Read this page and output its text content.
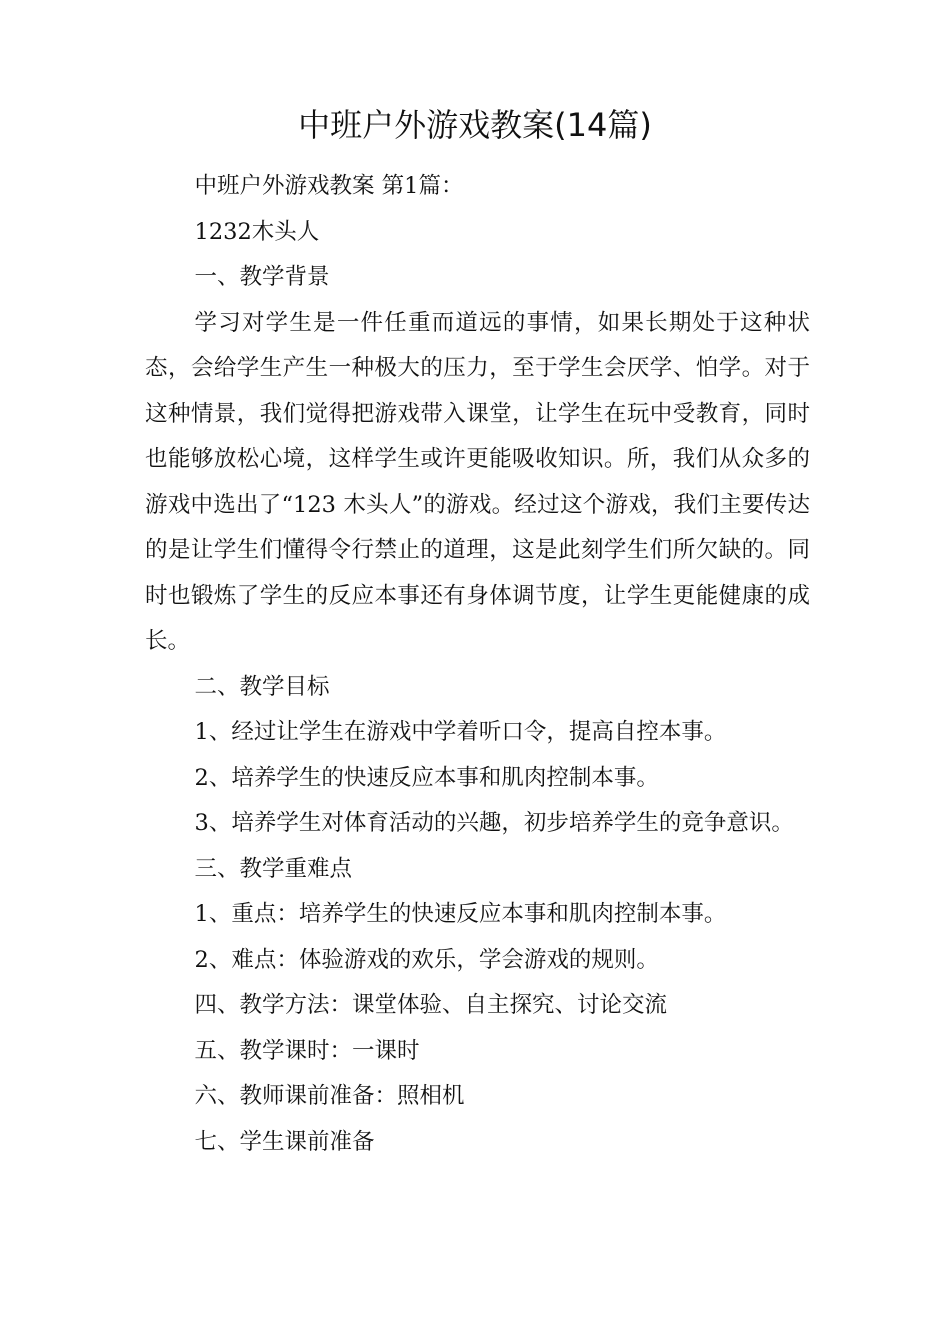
中班户外游戏教案(14篇)

中班户外游戏教案 第1篇：

1232木头人

一、教学背景

学习对学生是一件任重而道远的事情，如果长期处于这种状态，会给学生产生一种极大的压力，至于学生会厌学、怕学。对于这种情景，我们觉得把游戏带入课堂，让学生在玩中受教育，同时也能够放松心境，这样学生或许更能吸收知识。所，我们从众多的游戏中选出了“123 木头人”的游戏。经过这个游戏，我们主要传达的是让学生们懂得令行禁止的道理，这是此刻学生们所欠缺的。同时也锻炼了学生的反应本事还有身体调节度，让学生更能健康的成长。

二、教学目标

1、经过让学生在游戏中学着听口令，提高自控本事。

2、培养学生的快速反应本事和肌肉控制本事。

3、培养学生对体育活动的兴趣，初步培养学生的竞争意识。

三、教学重难点

1、重点：培养学生的快速反应本事和肌肉控制本事。

2、难点：体验游戏的欢乐，学会游戏的规则。

四、教学方法：课堂体验、自主探究、讨论交流

五、教学课时：一课时

六、教师课前准备：照相机

七、学生课前准备
